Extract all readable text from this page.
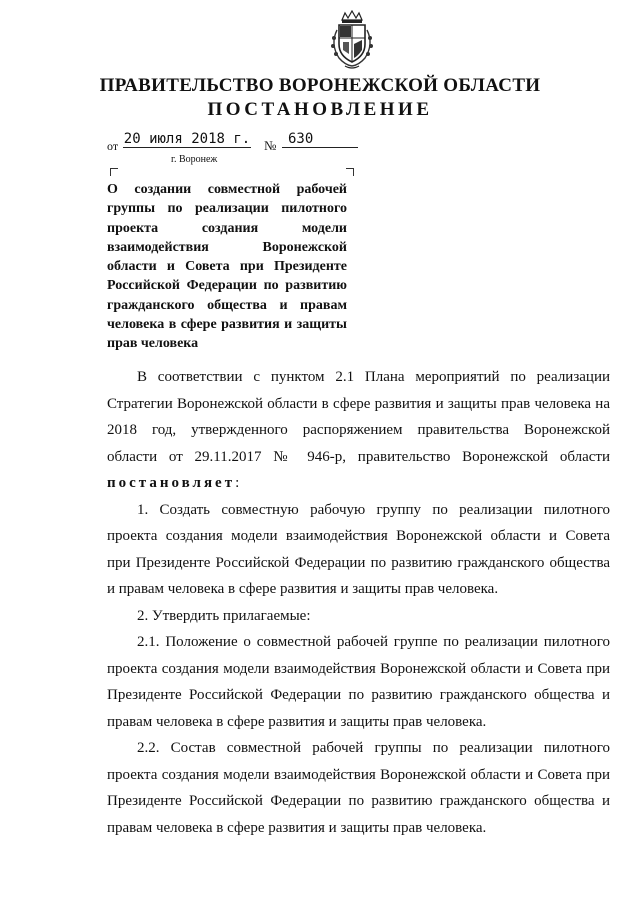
ПРАВИТЕЛЬСТВО ВОРОНЕЖСКОЙ ОБЛАСТИ
ПОСТАНОВЛЕНИЕ
от 20 июля 2018 г. № 630
г. Воронеж
О создании совместной рабочей группы по реализации пилотного проекта создания модели взаимодействия Воронежской области и Совета при Президенте Российской Федерации по развитию гражданского общества и правам человека в сфере развития и защиты прав человека
В соответствии с пунктом 2.1 Плана мероприятий по реализации
Стратегии Воронежской области в сфере развития и защиты прав человека на
2018 год, утвержденного распоряжением правительства Воронежской
области от 29.11.2017 № 946-р, правительство Воронежской области
постановляет:
1. Создать совместную рабочую группу по реализации пилотного
проекта создания модели взаимодействия Воронежской области и Совета
при Президенте Российской Федерации по развитию гражданского общества
и правам человека в сфере развития и защиты прав человека.
2. Утвердить прилагаемые:
2.1. Положение о совместной рабочей группе по реализации пилотного
проекта создания модели взаимодействия Воронежской области и Совета при
Президенте Российской Федерации по развитию гражданского общества и
правам человека в сфере развития и защиты прав человека.
2.2. Состав совместной рабочей группы по реализации пилотного
проекта создания модели взаимодействия Воронежской области и Совета при
Президенте Российской Федерации по развитию гражданского общества и
правам человека в сфере развития и защиты прав человека.
